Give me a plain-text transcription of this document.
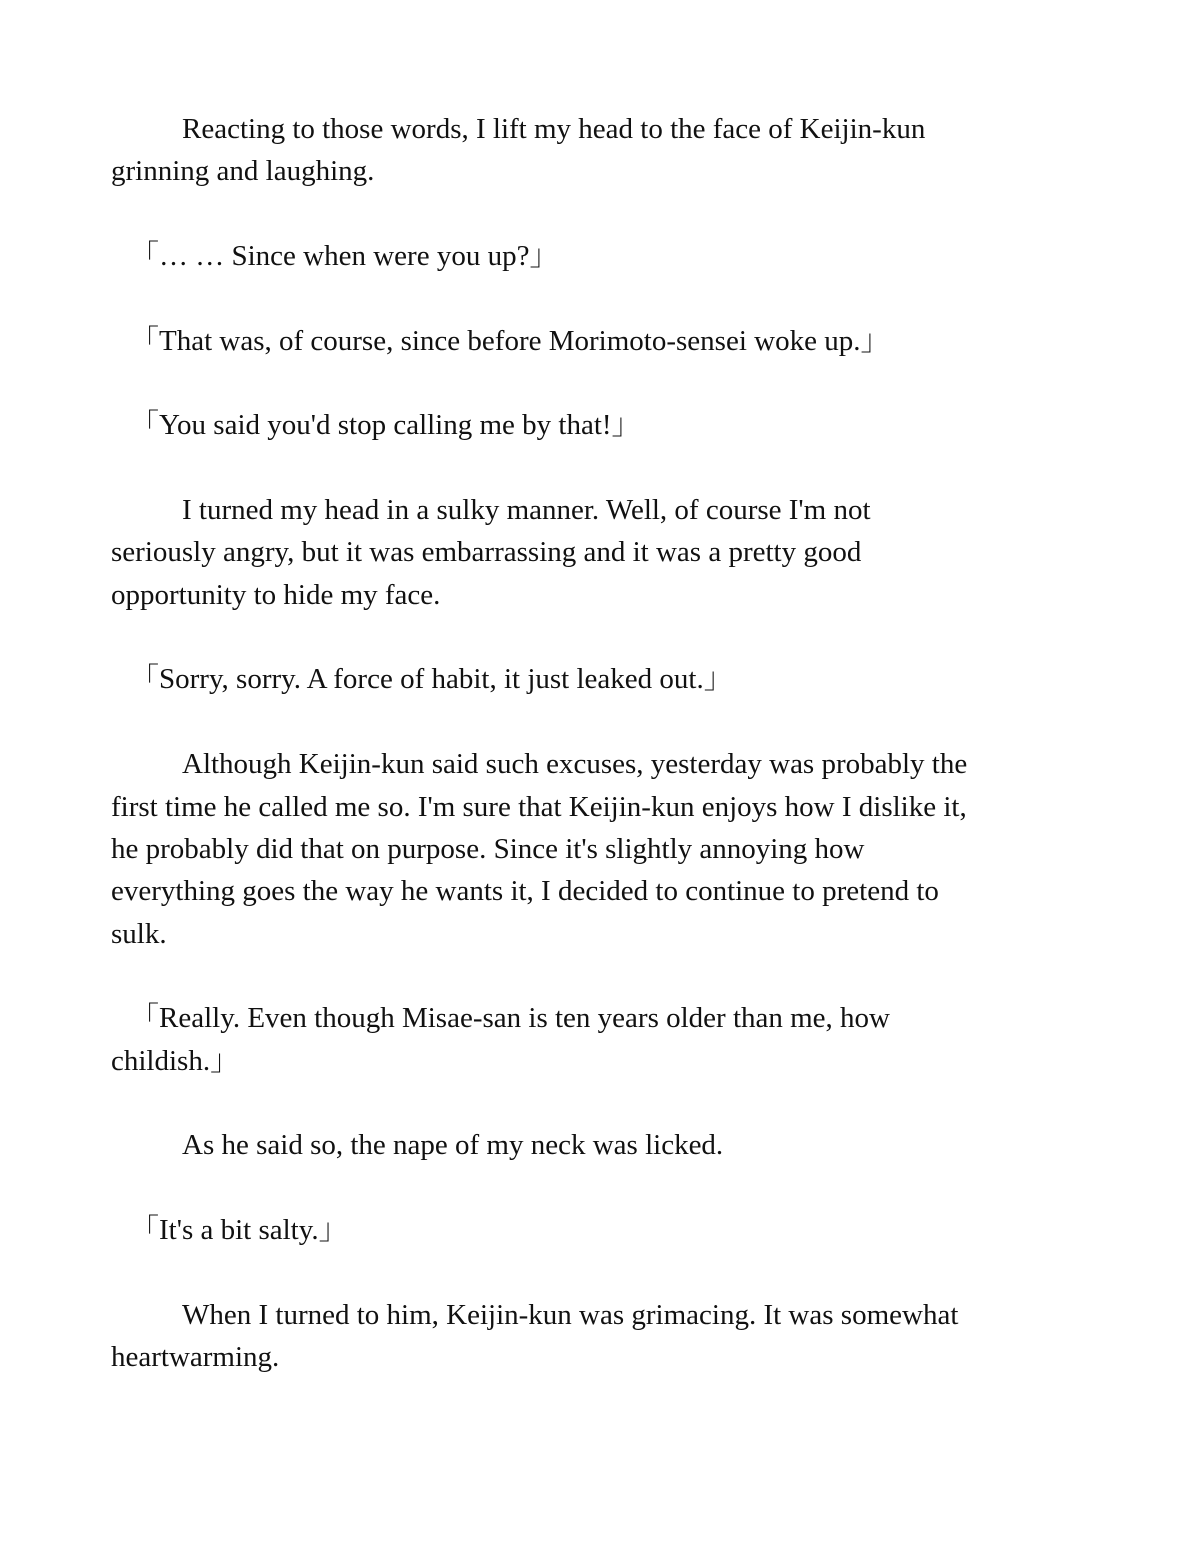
Reacting to those words, I lift my head to the face of Keijin-kun
grinning and laughing.
「… … Since when were you up?」
「That was, of course, since before Morimoto-sensei woke up.」
「You said you'd stop calling me by that!」
I turned my head in a sulky manner. Well, of course I'm not
seriously angry, but it was embarrassing and it was a pretty good
opportunity to hide my face.
「Sorry, sorry. A force of habit, it just leaked out.」
Although Keijin-kun said such excuses, yesterday was probably the
first time he called me so. I'm sure that Keijin-kun enjoys how I dislike it,
he probably did that on purpose. Since it's slightly annoying how
everything goes the way he wants it, I decided to continue to pretend to
sulk.
「Really. Even though Misae-san is ten years older than me, how
childish.」
As he said so, the nape of my neck was licked.
「It's a bit salty.」
When I turned to him, Keijin-kun was grimacing. It was somewhat
heartwarming.
